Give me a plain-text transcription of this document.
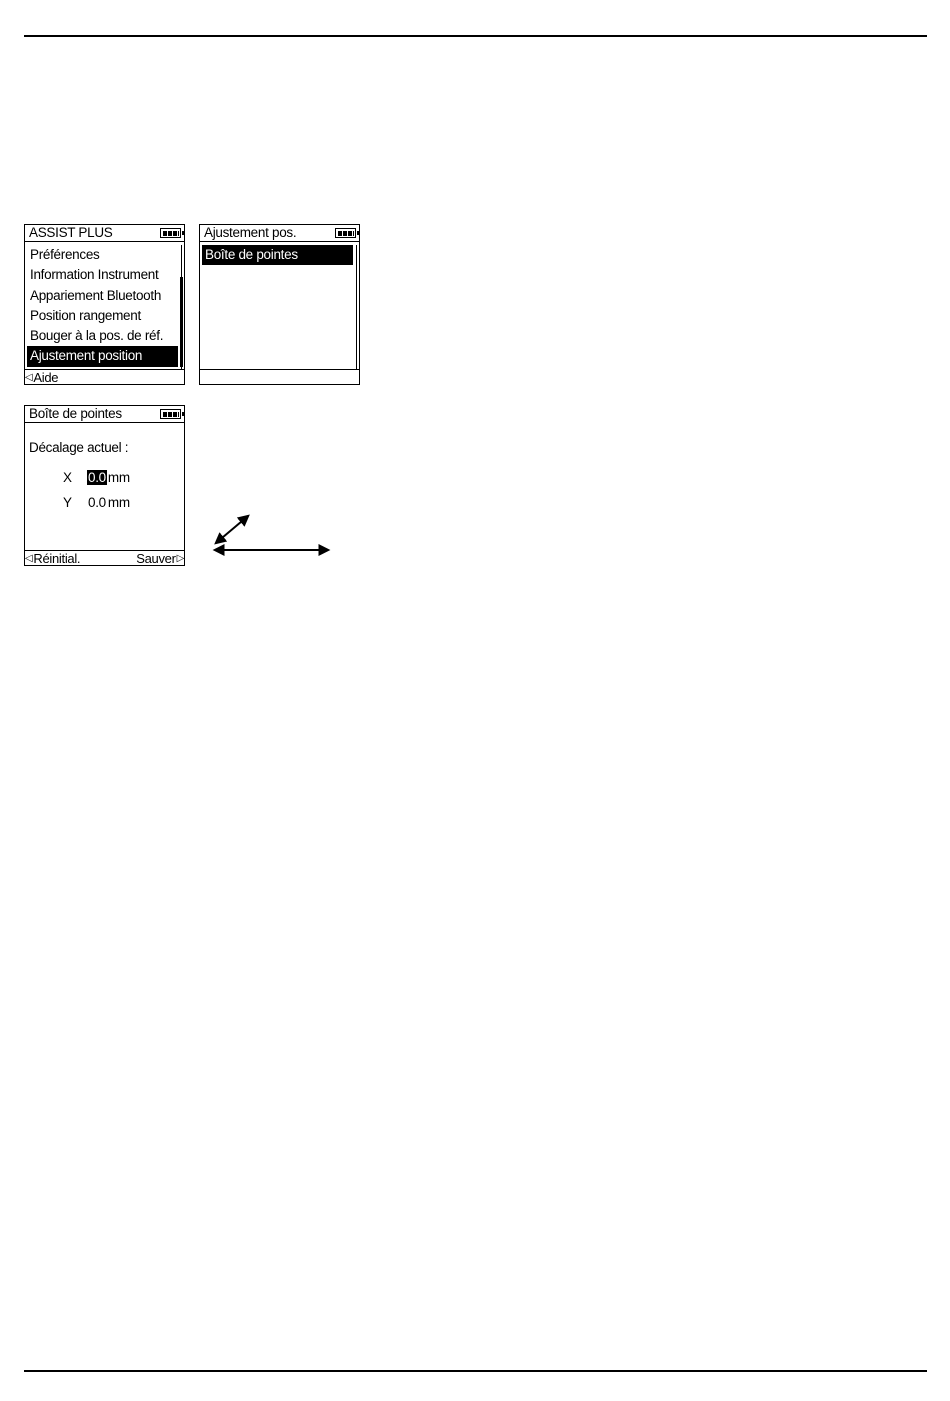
ASSIST PLUS
Préférences
Information Instrument
Appariement Bluetooth
Position rangement
Bouger à la pos. de réf.
Ajustement position
◁Aide
Ajustement pos.
Boîte de pointes
Boîte de pointes
Décalage actuel :
X 0.0 mm
Y 0.0 mm
◁Réinitial.	Sauver▷
